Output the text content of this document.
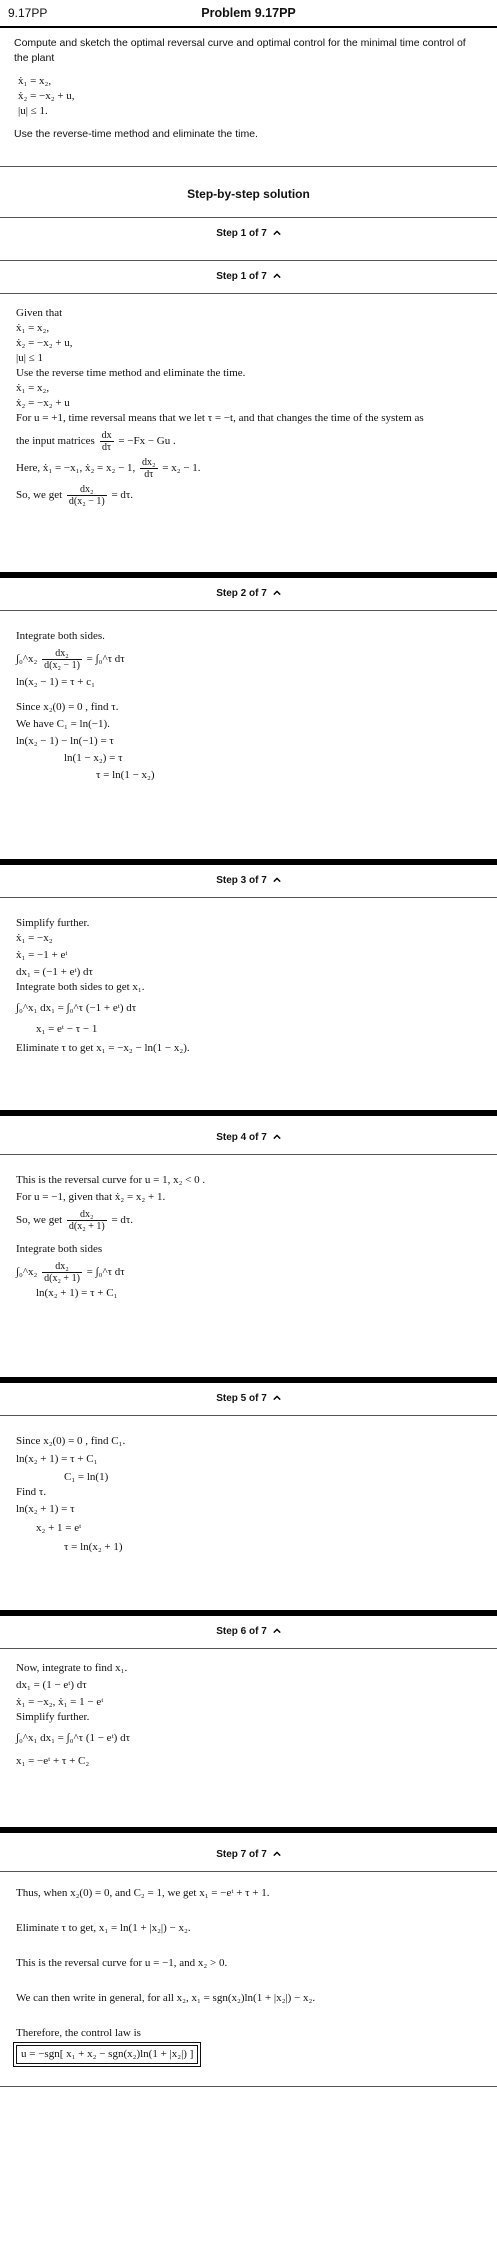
9.17PP	Problem 9.17PP
Compute and sketch the optimal reversal curve and optimal control for the minimal time control of the plant
ẋ₁ = x₂,
ẋ₂ = −x₂ + u,
|u| ≤ 1.
Use the reverse-time method and eliminate the time.
Step-by-step solution
Step 1 of 7
Step 1 of 7
Given that
ẋ₁ = x₂,
ẋ₂ = −x₂ + u,
|u| ≤ 1
Use the reverse time method and eliminate the time.
ẋ₁ = x₂,
ẋ₂ = −x₂ + u
For u = +1, time reversal means that we let τ = −t, and that changes the time of the system as
the input matrices $\frac{dx}{d\tau} = -Fx - Gu$ .
Here, ẋ₁ = −x₁, ẋ₂ = x₂ − 1, $\frac{\text{dx₂}}{d\tau} = x_2 - 1$.
So, we get $\frac{\text{dx₂}}{\text{d(x₂ − 1)}} = d\tau$.
Step 2 of 7
Integrate both sides.
∫₀^x₂ $\frac{\text{dx₂}}{\text{d(x₂ − 1)}}$ = ∫₀^τ dτ
ln(x₂ − 1) = τ + c₁
Since x₂(0) = 0 , find τ.
We have C₁ = ln(−1).
ln(x₂ − 1) − ln(−1) = τ
ln(1 − x₂) = τ
τ = ln(1 − x₂)
Step 3 of 7
Simplify further.
ẋ₁ = −x₂
ẋ₁ = −1 + eᵗ
dx₁ = (−1 + eᵗ) dτ
Integrate both sides to get x₁.
∫₀^x₁ dx₁ = ∫₀^τ (−1 + eᵗ) dτ
x₁ = eᵗ − τ − 1
Eliminate τ to get x₁ = −x₂ − ln(1 − x₂).
Step 4 of 7
This is the reversal curve for u = 1, x₂ < 0 .
For u = −1, given that ẋ₂ = x₂ + 1.
So, we get $\frac{\text{dx₂}}{\text{d(x₂ + 1)}} = d\tau$.
Integrate both sides
∫₀^x₂ $\frac{\text{dx₂}}{\text{d(x₂ + 1)}}$ = ∫₀^τ dτ
ln(x₂ + 1) = τ + C₁
Step 5 of 7
Since x₂(0) = 0 , find C₁.
ln(x₂ + 1) = τ + C₁
C₁ = ln(1)
Find τ.
ln(x₂ + 1) = τ
x₂ + 1 = eᵗ
τ = ln(x₂ + 1)
Step 6 of 7
Now, integrate to find x₁.
dx₁ = (1 − eᵗ) dτ
ẋ₁ = −x₂, ẋ₁ = 1 − eᵗ
Simplify further.
∫₀^x₁ dx₁ = ∫₀^τ (1 − eᵗ) dτ
x₁ = −eᵗ + τ + C₂
Step 7 of 7
Thus, when x₂(0) = 0, and C₂ = 1, we get x₁ = −eᵗ + τ + 1.
Eliminate τ to get, x₁ = ln(1 + |x₂|) − x₂.
This is the reversal curve for u = −1, and x₂ > 0.
We can then write in general, for all x₂, x₁ = sgn(x₂)ln(1 + |x₂|) − x₂.
Therefore, the control law is
u = −sgn[ x₁ + x₂ − sgn(x₂)ln(1 + |x₂|) ]
